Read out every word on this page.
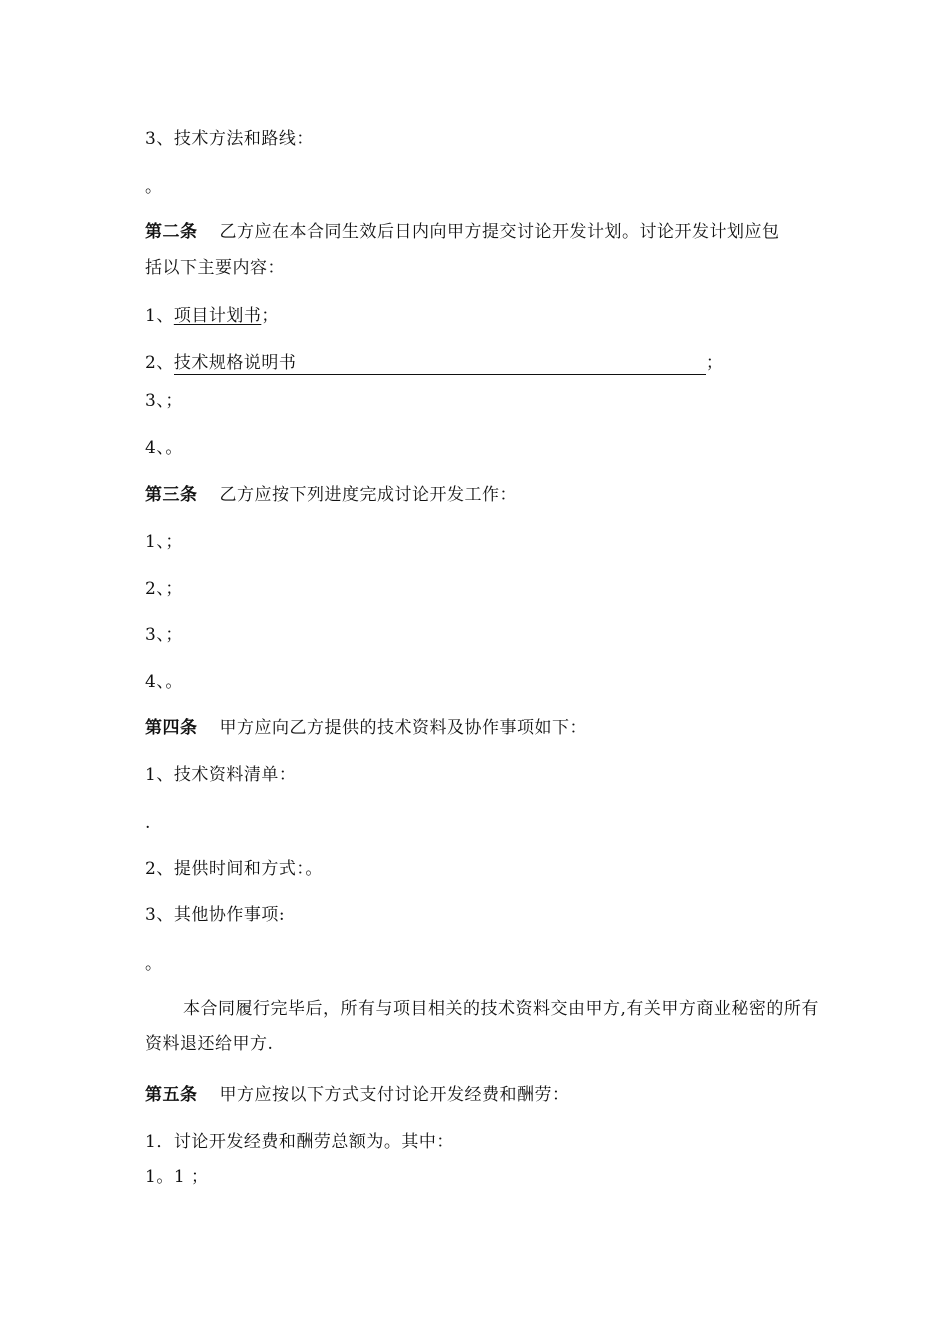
3、技术方法和路线：
。
第二条 乙方应在本合同生效后日内向甲方提交讨论开发计划。讨论开发计划应包
括以下主要内容：
1、项目计划书；
2、技术规格说明书	；
3、；
4、。
第三条 乙方应按下列进度完成讨论开发工作：
1、；
2、；
3、；
4、。
第四条 甲方应向乙方提供的技术资料及协作事项如下：
1、技术资料清单：
.
2、提供时间和方式：。
3、其他协作事项:
。
本合同履行完毕后，所有与项目相关的技术资料交由甲方,有关甲方商业秘密的所有资料退还给甲方.
第五条 甲方应按以下方式支付讨论开发经费和酬劳：
1．讨论开发经费和酬劳总额为。其中：
1。1 ；
